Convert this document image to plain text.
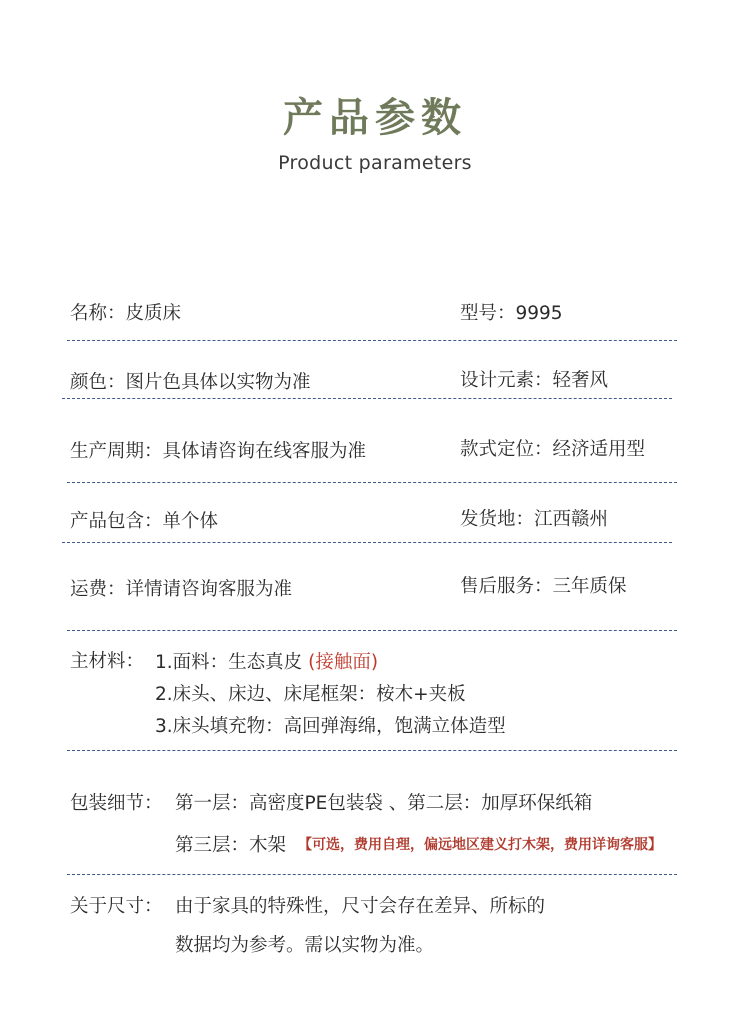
产品参数
Product parameters
名称：皮质床	型号：9995
颜色：图片色具体以实物为准	设计元素：轻奢风
生产周期：具体请咨询在线客服为准	款式定位：经济适用型
产品包含：单个体	发货地：江西赣州
运费：详情请咨询客服为准	售后服务：三年质保
主材料： 1.面料：生态真皮 (接触面)
2.床头、床边、床尾框架：桉木+夹板
3.床头填充物：高回弹海绵，饱满立体造型
包装细节： 第一层：高密度PE包装袋 、第二层：加厚环保纸箱
第三层：木架 【可选，费用自理，偏远地区建义打木架，费用详询客服】
关于尺寸： 由于家具的特殊性，尺寸会存在差异、所标的
数据均为参考。需以实物为准。
